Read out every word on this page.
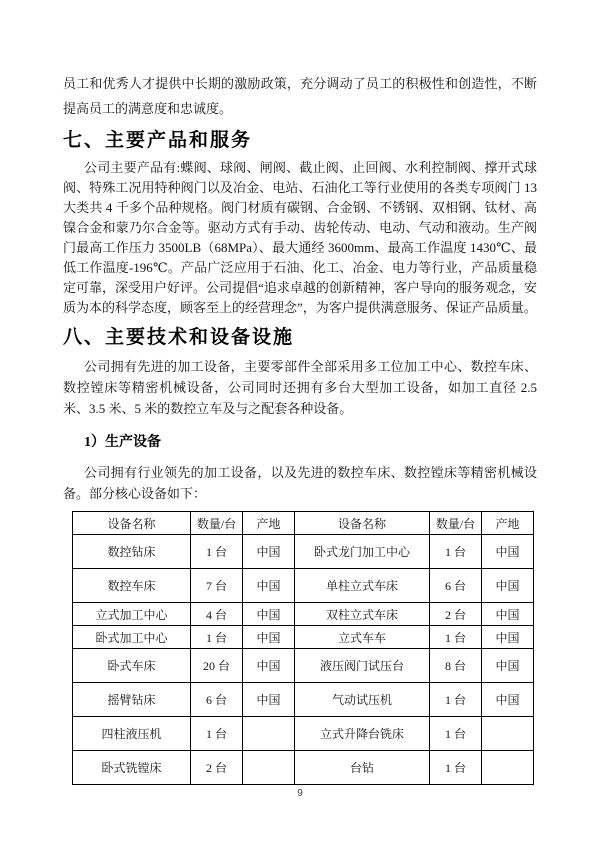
员工和优秀人才提供中长期的激励政策，充分调动了员工的积极性和创造性，不断提高员工的满意度和忠诚度。

七、主要产品和服务

公司主要产品有:蝶阀、球阀、闸阀、截止阀、止回阀、水利控制阀、撑开式球阀、特殊工况用特种阀门以及冶金、电站、石油化工等行业使用的各类专项阀门 13 大类共 4 千多个品种规格。阀门材质有碳钢、合金钢、不锈钢、双相钢、钛材、高镍合金和蒙乃尔合金等。驱动方式有手动、齿轮传动、电动、气动和液动。生产阀门最高工作压力 3500LB（68MPa）、最大通经 3600mm、最高工作温度 1430℃、最低工作温度-196℃。产品广泛应用于石油、化工、冶金、电力等行业，产品质量稳定可靠，深受用户好评。公司提倡“追求卓越的创新精神，客户导向的服务观念，安质为本的科学态度，顾客至上的经营理念”，为客户提供满意服务、保证产品质量。

八、主要技术和设备设施

公司拥有先进的加工设备，主要零部件全部采用多工位加工中心、数控车床、数控镗床等精密机械设备，公司同时还拥有多台大型加工设备，如加工直径 2.5 米、3.5 米、5 米的数控立车及与之配套各种设备。

1）生产设备

公司拥有行业领先的加工设备，以及先进的数控车床、数控镗床等精密机械设备。部分核心设备如下：

设备名称	数量/台	产地	设备名称	数量/台	产地
数控钻床	1 台	中国	卧式龙门加工中心	1 台	中国
数控车床	7 台	中国	单柱立式车床	6 台	中国
立式加工中心	4 台	中国	双柱立式车床	2 台	中国
卧式加工中心	1 台	中国	立式车车	1 台	中国
卧式车床	20 台	中国	液压阀门试压台	8 台	中国
摇臂钻床	6 台	中国	气动试压机	1 台	中国
四柱液压机	1 台		立式升降台铣床	1 台	
卧式铣镗床	2 台		台钻	1 台	
9
